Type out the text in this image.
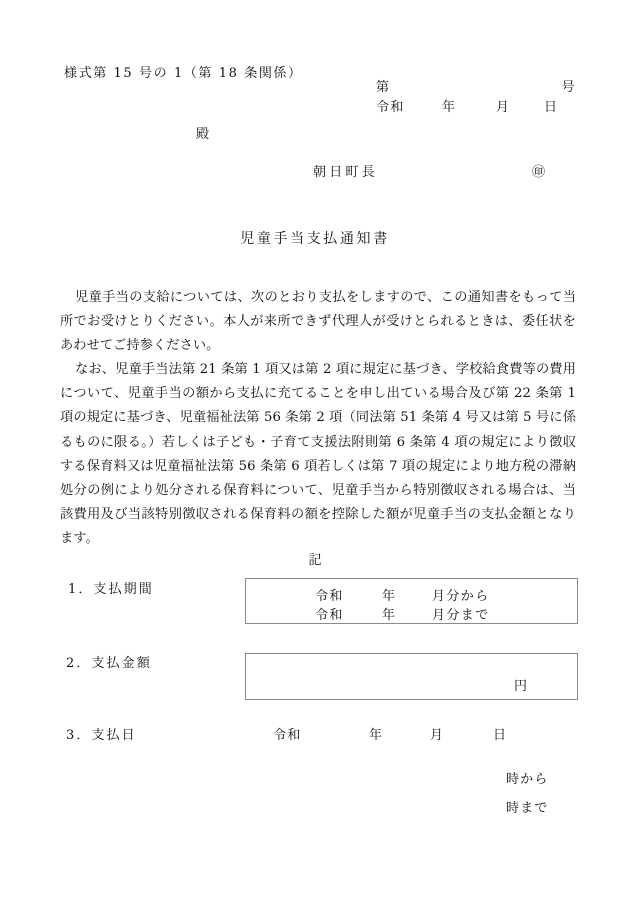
様式第 15 号の 1（第 18 条関係）
第	号
令和	年	月	日
殿
朝日町長	㊞
児童手当支払通知書

児童手当の支給については、次のとおり支払をしますので、この通知書をもって当所でお受けとりください。本人が来所できず代理人が受けとられるときは、委任状をあわせてご持参ください。

なお、児童手当法第 21 条第 1 項又は第 2 項に規定に基づき、学校給食費等の費用について、児童手当の額から支払に充てることを申し出ている場合及び第 22 条第 1 項の規定に基づき、児童福祉法第 56 条第 2 項（同法第 51 条第 4 号又は第 5 号に係るものに限る。）若しくは子ども・子育て支援法附則第 6 条第 4 項の規定により徴収する保育料又は児童福祉法第 56 条第 6 項若しくは第 7 項の規定により地方税の滞納処分の例により処分される保育料について、児童手当から特別徴収される場合は、当該費用及び当該特別徴収される保育料の額を控除した額が児童手当の支払金額となります。

記
1．支払期間	令和	年	月分から
令和	年	月分まで
2．支払金額
円
3．支払日	令和	年	月	日
時から
時まで
